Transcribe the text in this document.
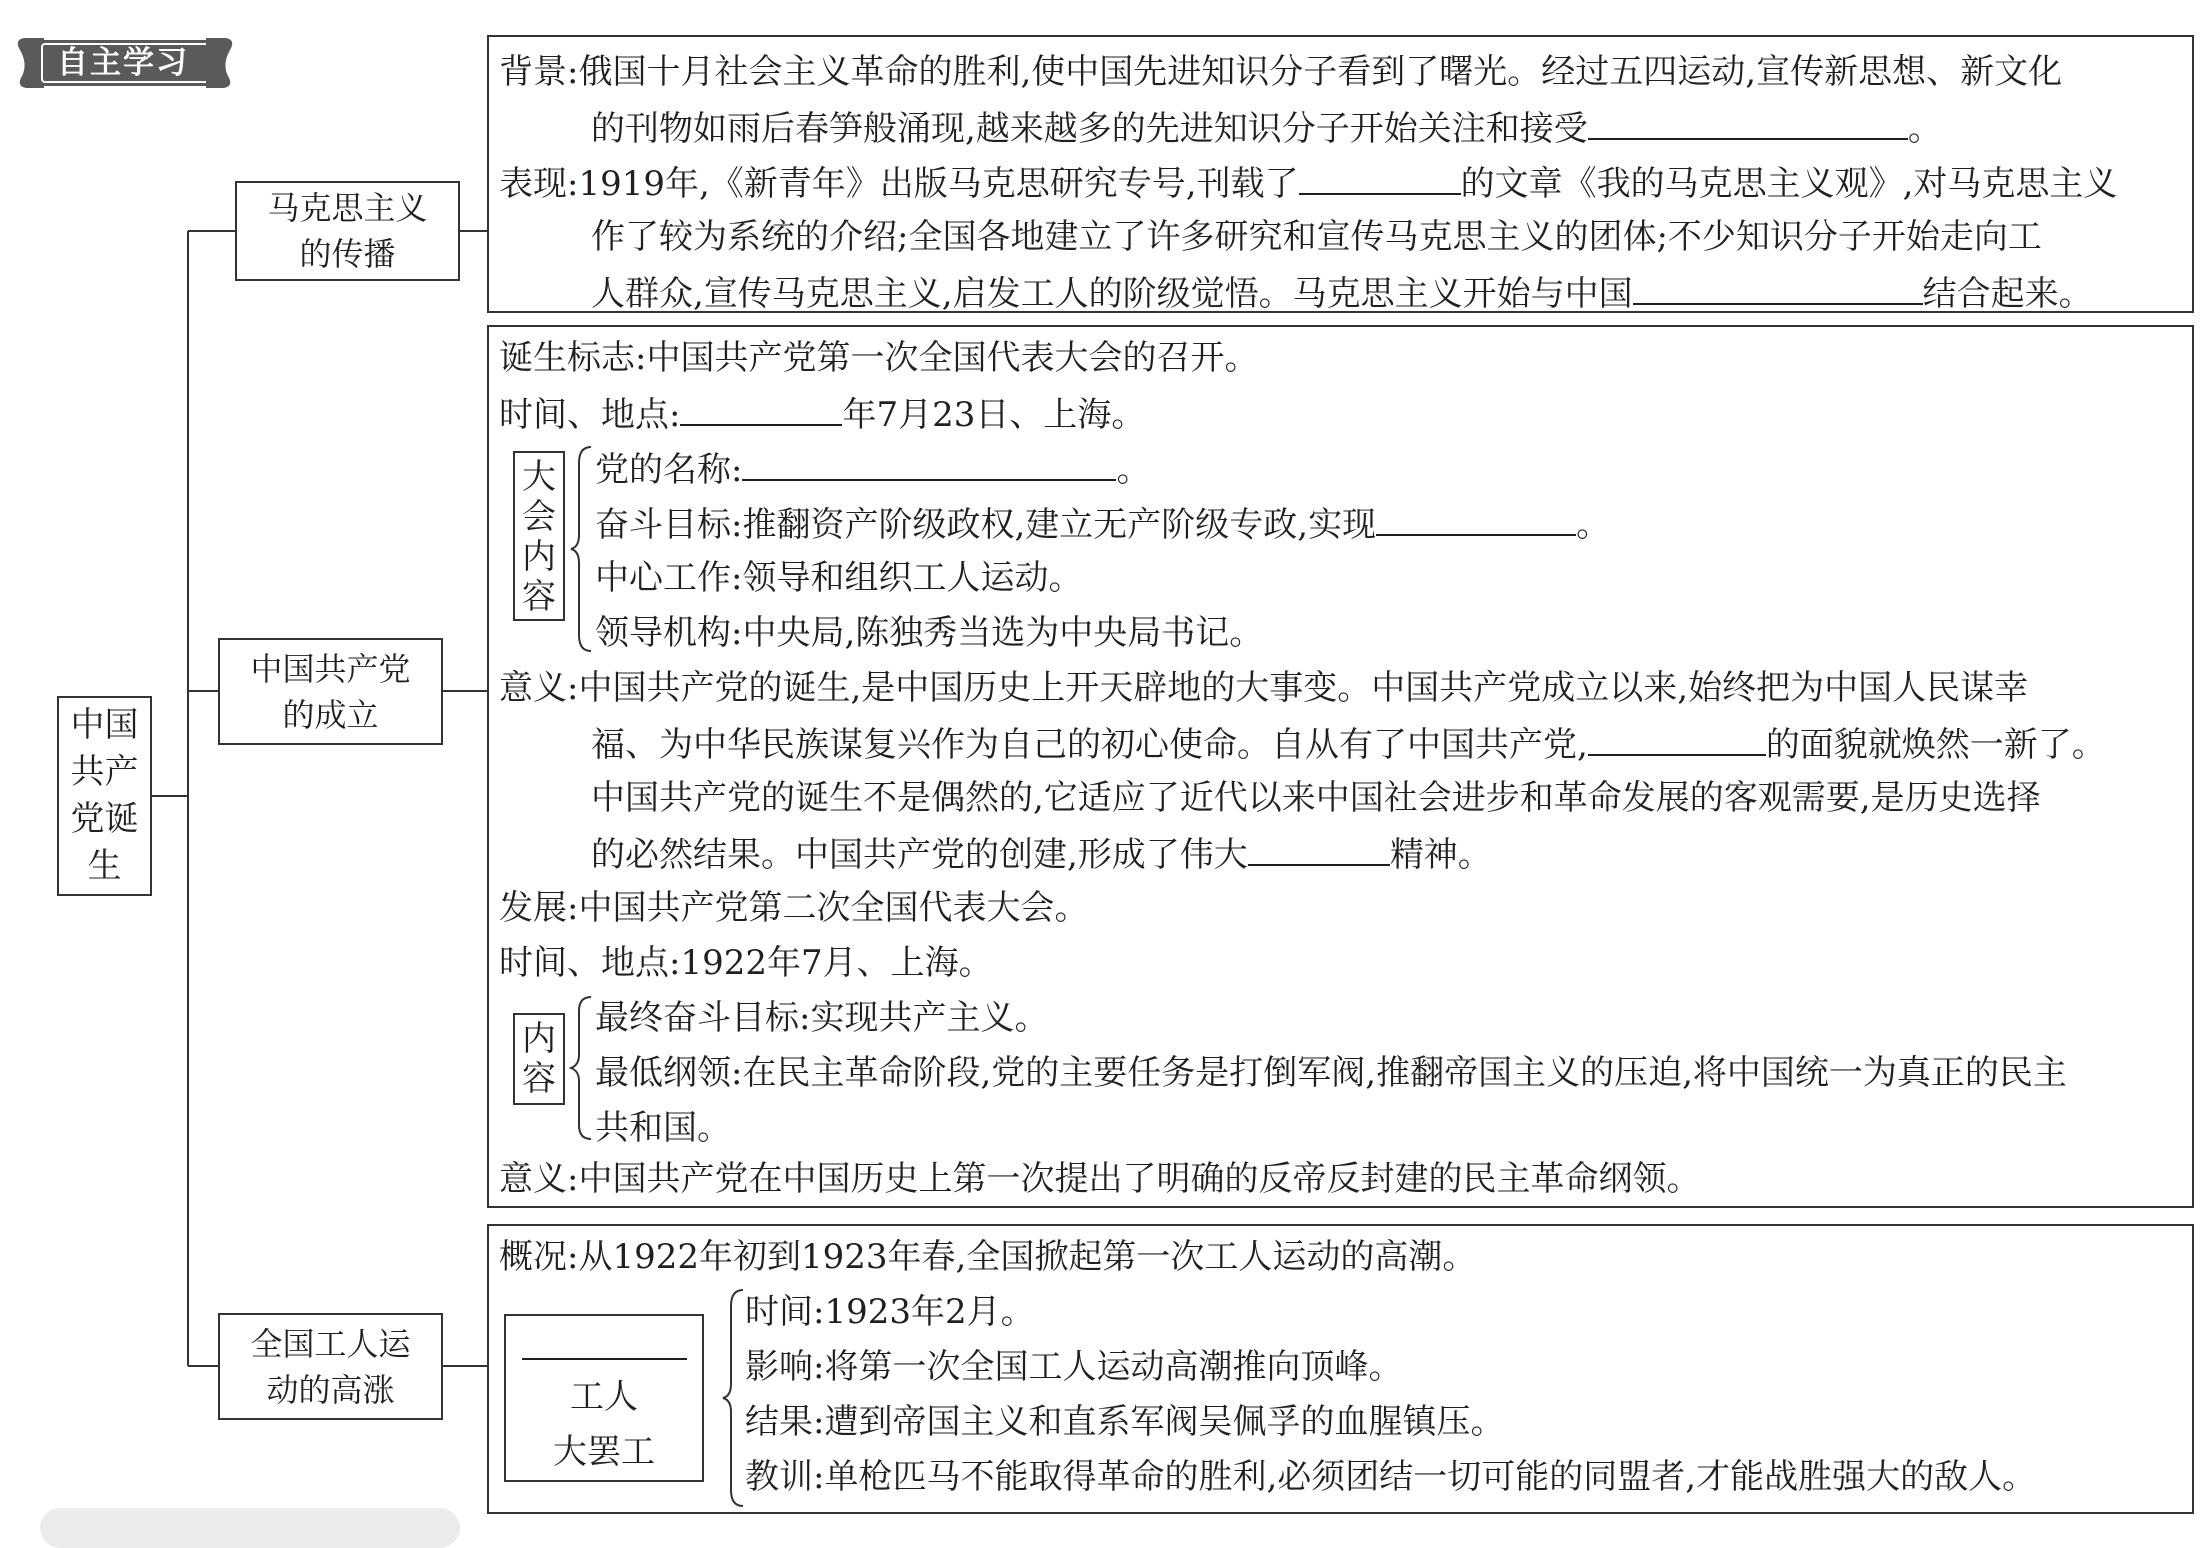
自主学习
中国
共产
党诞
生
马克思主义
的传播
中国共产党
的成立
全国工人运
动的高涨
背景:俄国十月社会主义革命的胜利,使中国先进知识分子看到了曙光。经过五四运动,宣传新思想、新文化
的刊物如雨后春笋般涌现,越来越多的先进知识分子开始关注和接受	。
表现:1919年,《新青年》出版马克思研究专号,刊载了	的文章《我的马克思主义观》,对马克思主义
作了较为系统的介绍;全国各地建立了许多研究和宣传马克思主义的团体;不少知识分子开始走向工
人群众,宣传马克思主义,启发工人的阶级觉悟。马克思主义开始与中国	结合起来。
诞生标志:中国共产党第一次全国代表大会的召开。
时间、地点:	年7月23日、上海。
大
会
内
容
党的名称:	。
奋斗目标:推翻资产阶级政权,建立无产阶级专政,实现	。
中心工作:领导和组织工人运动。
领导机构:中央局,陈独秀当选为中央局书记。
意义:中国共产党的诞生,是中国历史上开天辟地的大事变。中国共产党成立以来,始终把为中国人民谋幸
福、为中华民族谋复兴作为自己的初心使命。自从有了中国共产党,	的面貌就焕然一新了。
中国共产党的诞生不是偶然的,它适应了近代以来中国社会进步和革命发展的客观需要,是历史选择
的必然结果。中国共产党的创建,形成了伟大	精神。
发展:中国共产党第二次全国代表大会。
时间、地点:1922年7月、上海。
内
容
最终奋斗目标:实现共产主义。
最低纲领:在民主革命阶段,党的主要任务是打倒军阀,推翻帝国主义的压迫,将中国统一为真正的民主
共和国。
意义:中国共产党在中国历史上第一次提出了明确的反帝反封建的民主革命纲领。
概况:从1922年初到1923年春,全国掀起第一次工人运动的高潮。
工人
大罢工
时间:1923年2月。
影响:将第一次全国工人运动高潮推向顶峰。
结果:遭到帝国主义和直系军阀吴佩孚的血腥镇压。
教训:单枪匹马不能取得革命的胜利,必须团结一切可能的同盟者,才能战胜强大的敌人。
